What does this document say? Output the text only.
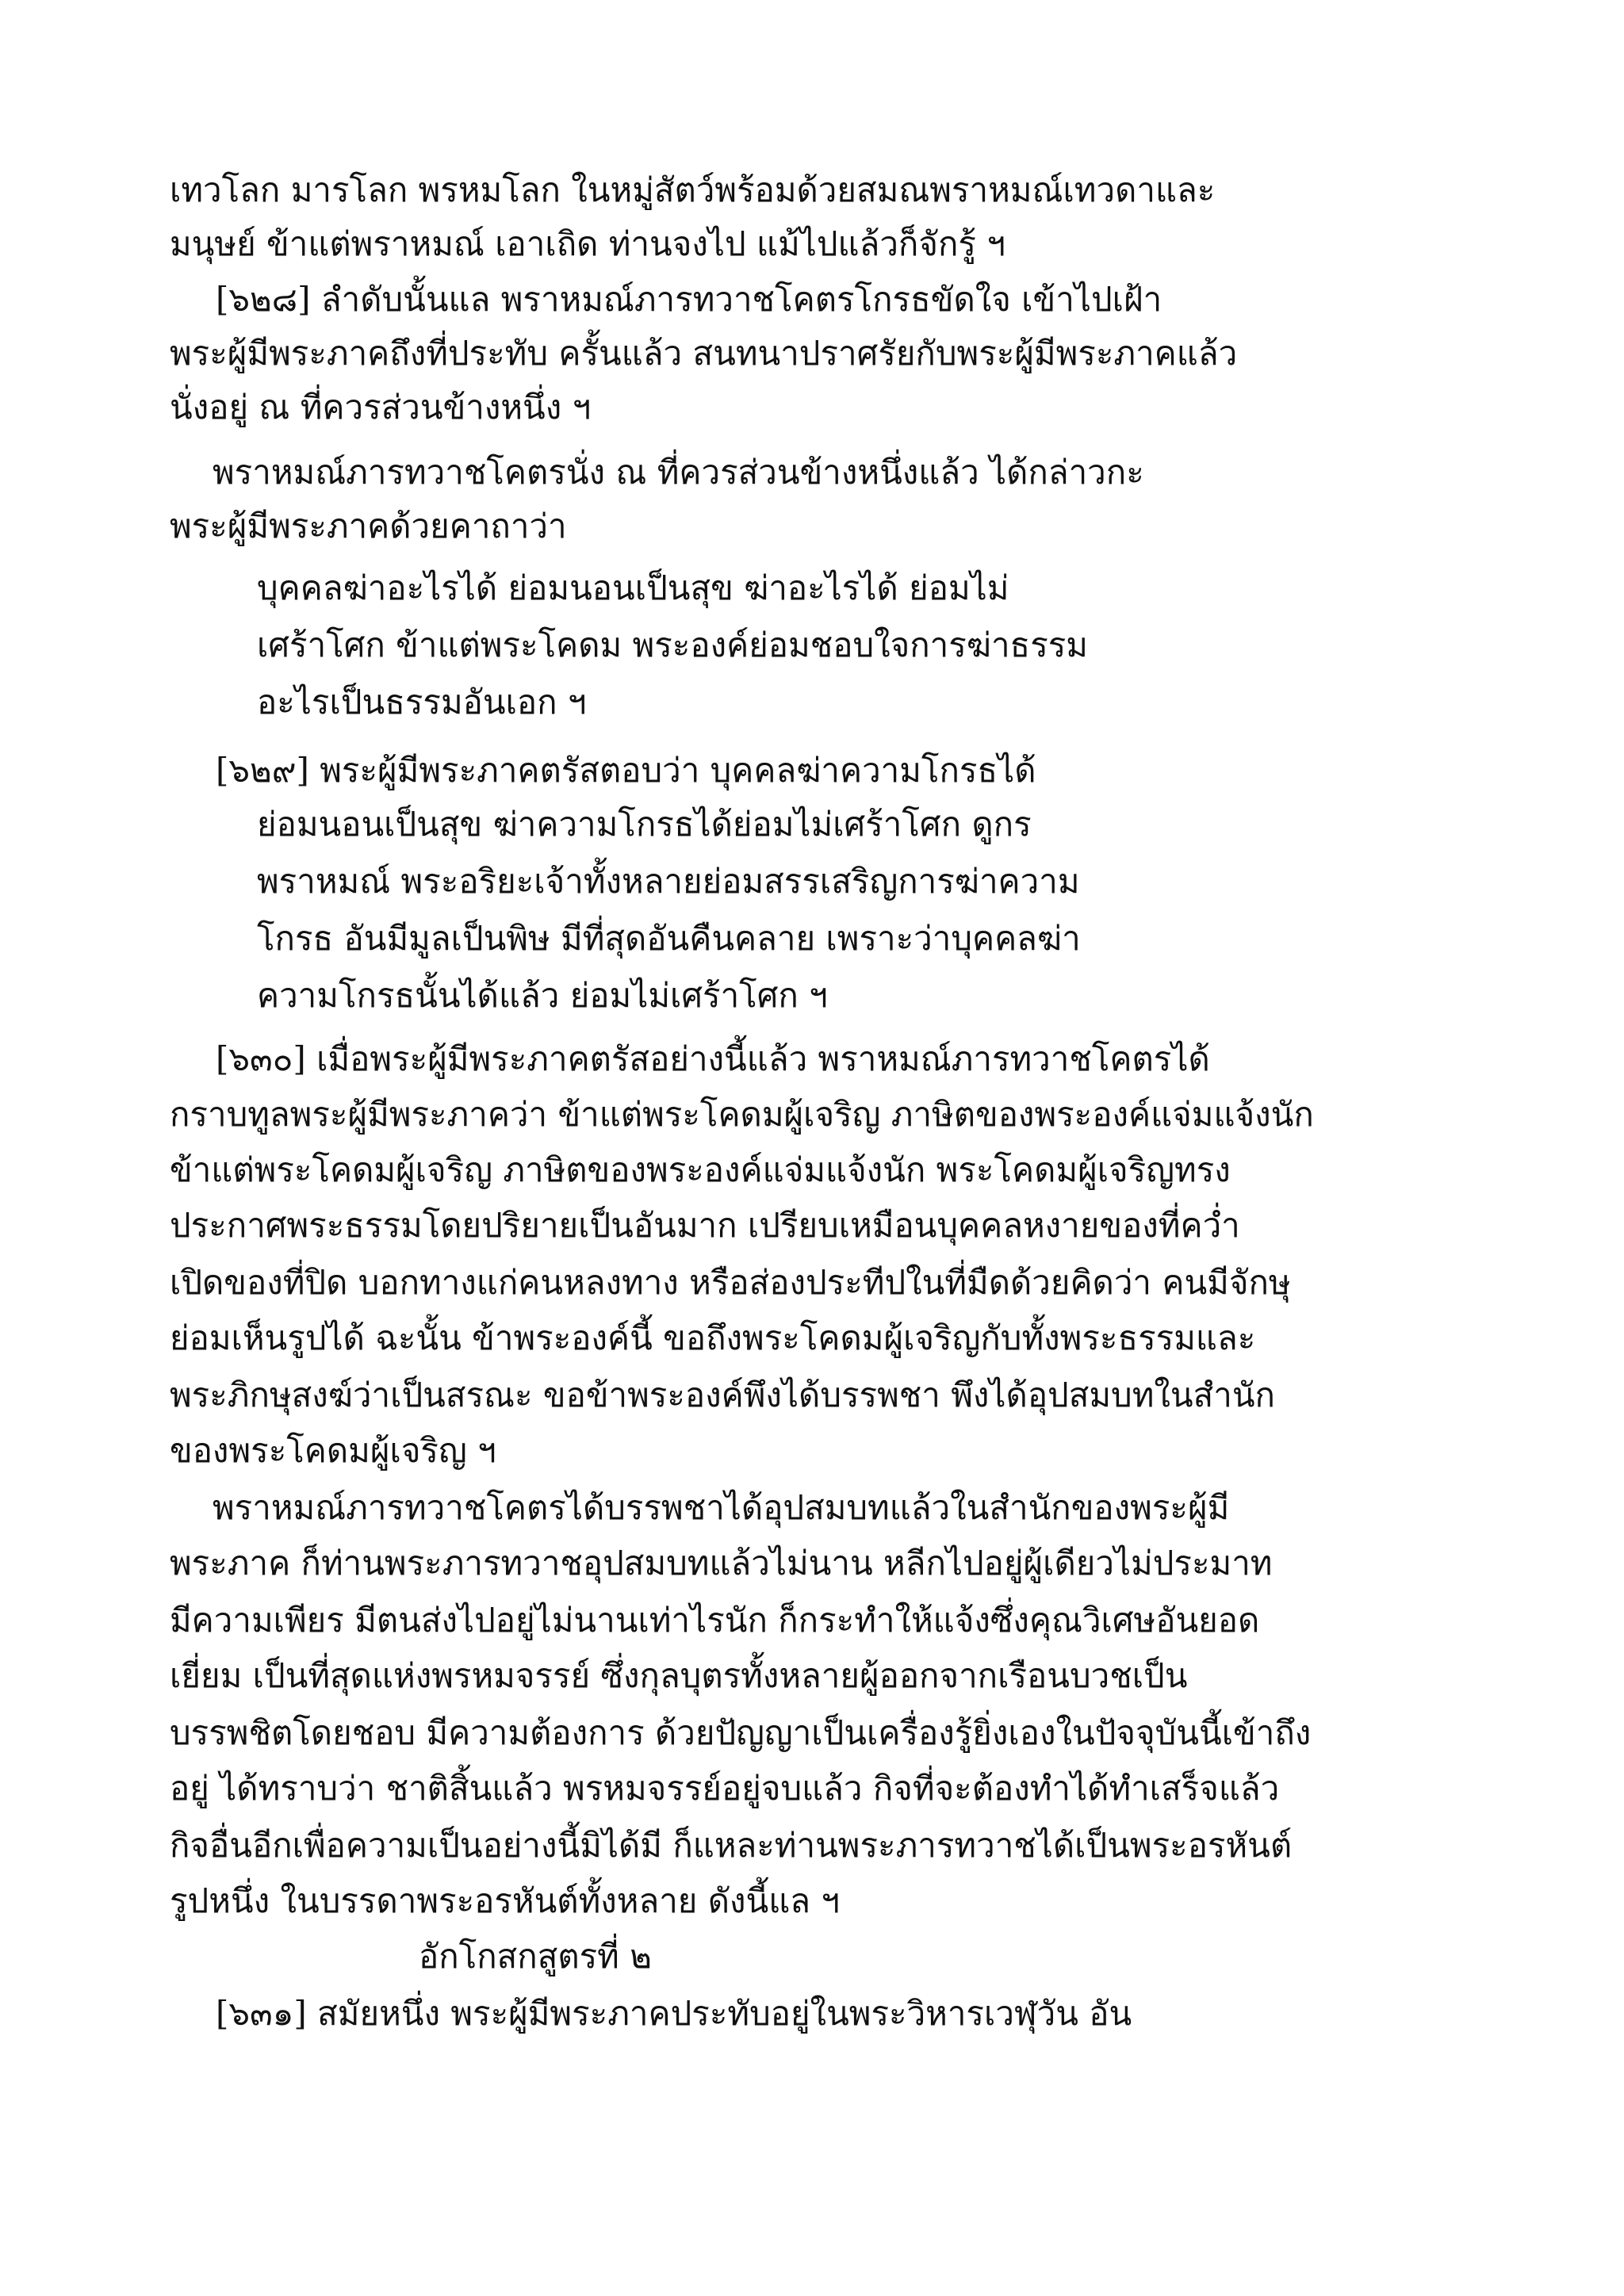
เทวโลก มารโลก พรหมโลก ในหมู่สัตว์พร้อมด้วยสมณพราหมณ์เทวดาและ
มนุษย์ ข้าแต่พราหมณ์ เอาเถิด ท่านจงไป แม้ไปแล้วก็จักรู้ ฯ
[๖๒๘] ลำดับนั้นแล พราหมณ์ภารทวาชโคตรโกรธขัดใจ เข้าไปเฝ้า
พระผู้มีพระภาคถึงที่ประทับ ครั้นแล้ว สนทนาปราศรัยกับพระผู้มีพระภาคแล้ว
นั่งอยู่ ณ ที่ควรส่วนข้างหนึ่ง ฯ
พราหมณ์ภารทวาชโคตรนั่ง ณ ที่ควรส่วนข้างหนึ่งแล้ว ได้กล่าวกะ
พระผู้มีพระภาคด้วยคาถาว่า
บุคคลฆ่าอะไรได้ ย่อมนอนเป็นสุข ฆ่าอะไรได้ ย่อมไม่
เศร้าโศก ข้าแต่พระโคดม พระองค์ย่อมชอบใจการฆ่าธรรม
อะไรเป็นธรรมอันเอก ฯ
[๖๒๙] พระผู้มีพระภาคตรัสตอบว่า บุคคลฆ่าความโกรธได้
ย่อมนอนเป็นสุข ฆ่าความโกรธได้ย่อมไม่เศร้าโศก ดูกร
พราหมณ์ พระอริยะเจ้าทั้งหลายย่อมสรรเสริญการฆ่าความ
โกรธ อันมีมูลเป็นพิษ มีที่สุดอันคืนคลาย เพราะว่าบุคคลฆ่า
ความโกรธนั้นได้แล้ว ย่อมไม่เศร้าโศก ฯ
[๖๓๐] เมื่อพระผู้มีพระภาคตรัสอย่างนี้แล้ว พราหมณ์ภารทวาชโคตรได้
กราบทูลพระผู้มีพระภาคว่า ข้าแต่พระโคดมผู้เจริญ ภาษิตของพระองค์แจ่มแจ้งนัก
ข้าแต่พระโคดมผู้เจริญ ภาษิตของพระองค์แจ่มแจ้งนัก พระโคดมผู้เจริญทรง
ประกาศพระธรรมโดยปริยายเป็นอันมาก เปรียบเหมือนบุคคลหงายของที่คว่ำ
เปิดของที่ปิด บอกทางแก่คนหลงทาง หรือส่องประทีปในที่มืดด้วยคิดว่า คนมีจักษุ
ย่อมเห็นรูปได้ ฉะนั้น ข้าพระองค์นี้ ขอถึงพระโคดมผู้เจริญกับทั้งพระธรรมและ
พระภิกษุสงฆ์ว่าเป็นสรณะ ขอข้าพระองค์พึงได้บรรพชา พึงได้อุปสมบทในสำนัก
ของพระโคดมผู้เจริญ ฯ
พราหมณ์ภารทวาชโคตรได้บรรพชาได้อุปสมบทแล้วในสำนักของพระผู้มี
พระภาค ก็ท่านพระภารทวาชอุปสมบทแล้วไม่นาน หลีกไปอยู่ผู้เดียวไม่ประมาท
มีความเพียร มีตนส่งไปอยู่ไม่นานเท่าไรนัก ก็กระทำให้แจ้งซึ่งคุณวิเศษอันยอด
เยี่ยม เป็นที่สุดแห่งพรหมจรรย์ ซึ่งกุลบุตรทั้งหลายผู้ออกจากเรือนบวชเป็น
บรรพชิตโดยชอบ มีความต้องการ ด้วยปัญญาเป็นเครื่องรู้ยิ่งเองในปัจจุบันนี้เข้าถึง
อยู่ ได้ทราบว่า ชาติสิ้นแล้ว พรหมจรรย์อยู่จบแล้ว กิจที่จะต้องทำได้ทำเสร็จแล้ว
กิจอื่นอีกเพื่อความเป็นอย่างนี้มิได้มี ก็แหละท่านพระภารทวาชได้เป็นพระอรหันต์
รูปหนึ่ง ในบรรดาพระอรหันต์ทั้งหลาย ดังนี้แล ฯ
อักโกสกสูตรที่ ๒
[๖๓๑] สมัยหนึ่ง พระผู้มีพระภาคประทับอยู่ในพระวิหารเวฬุวัน อัน
